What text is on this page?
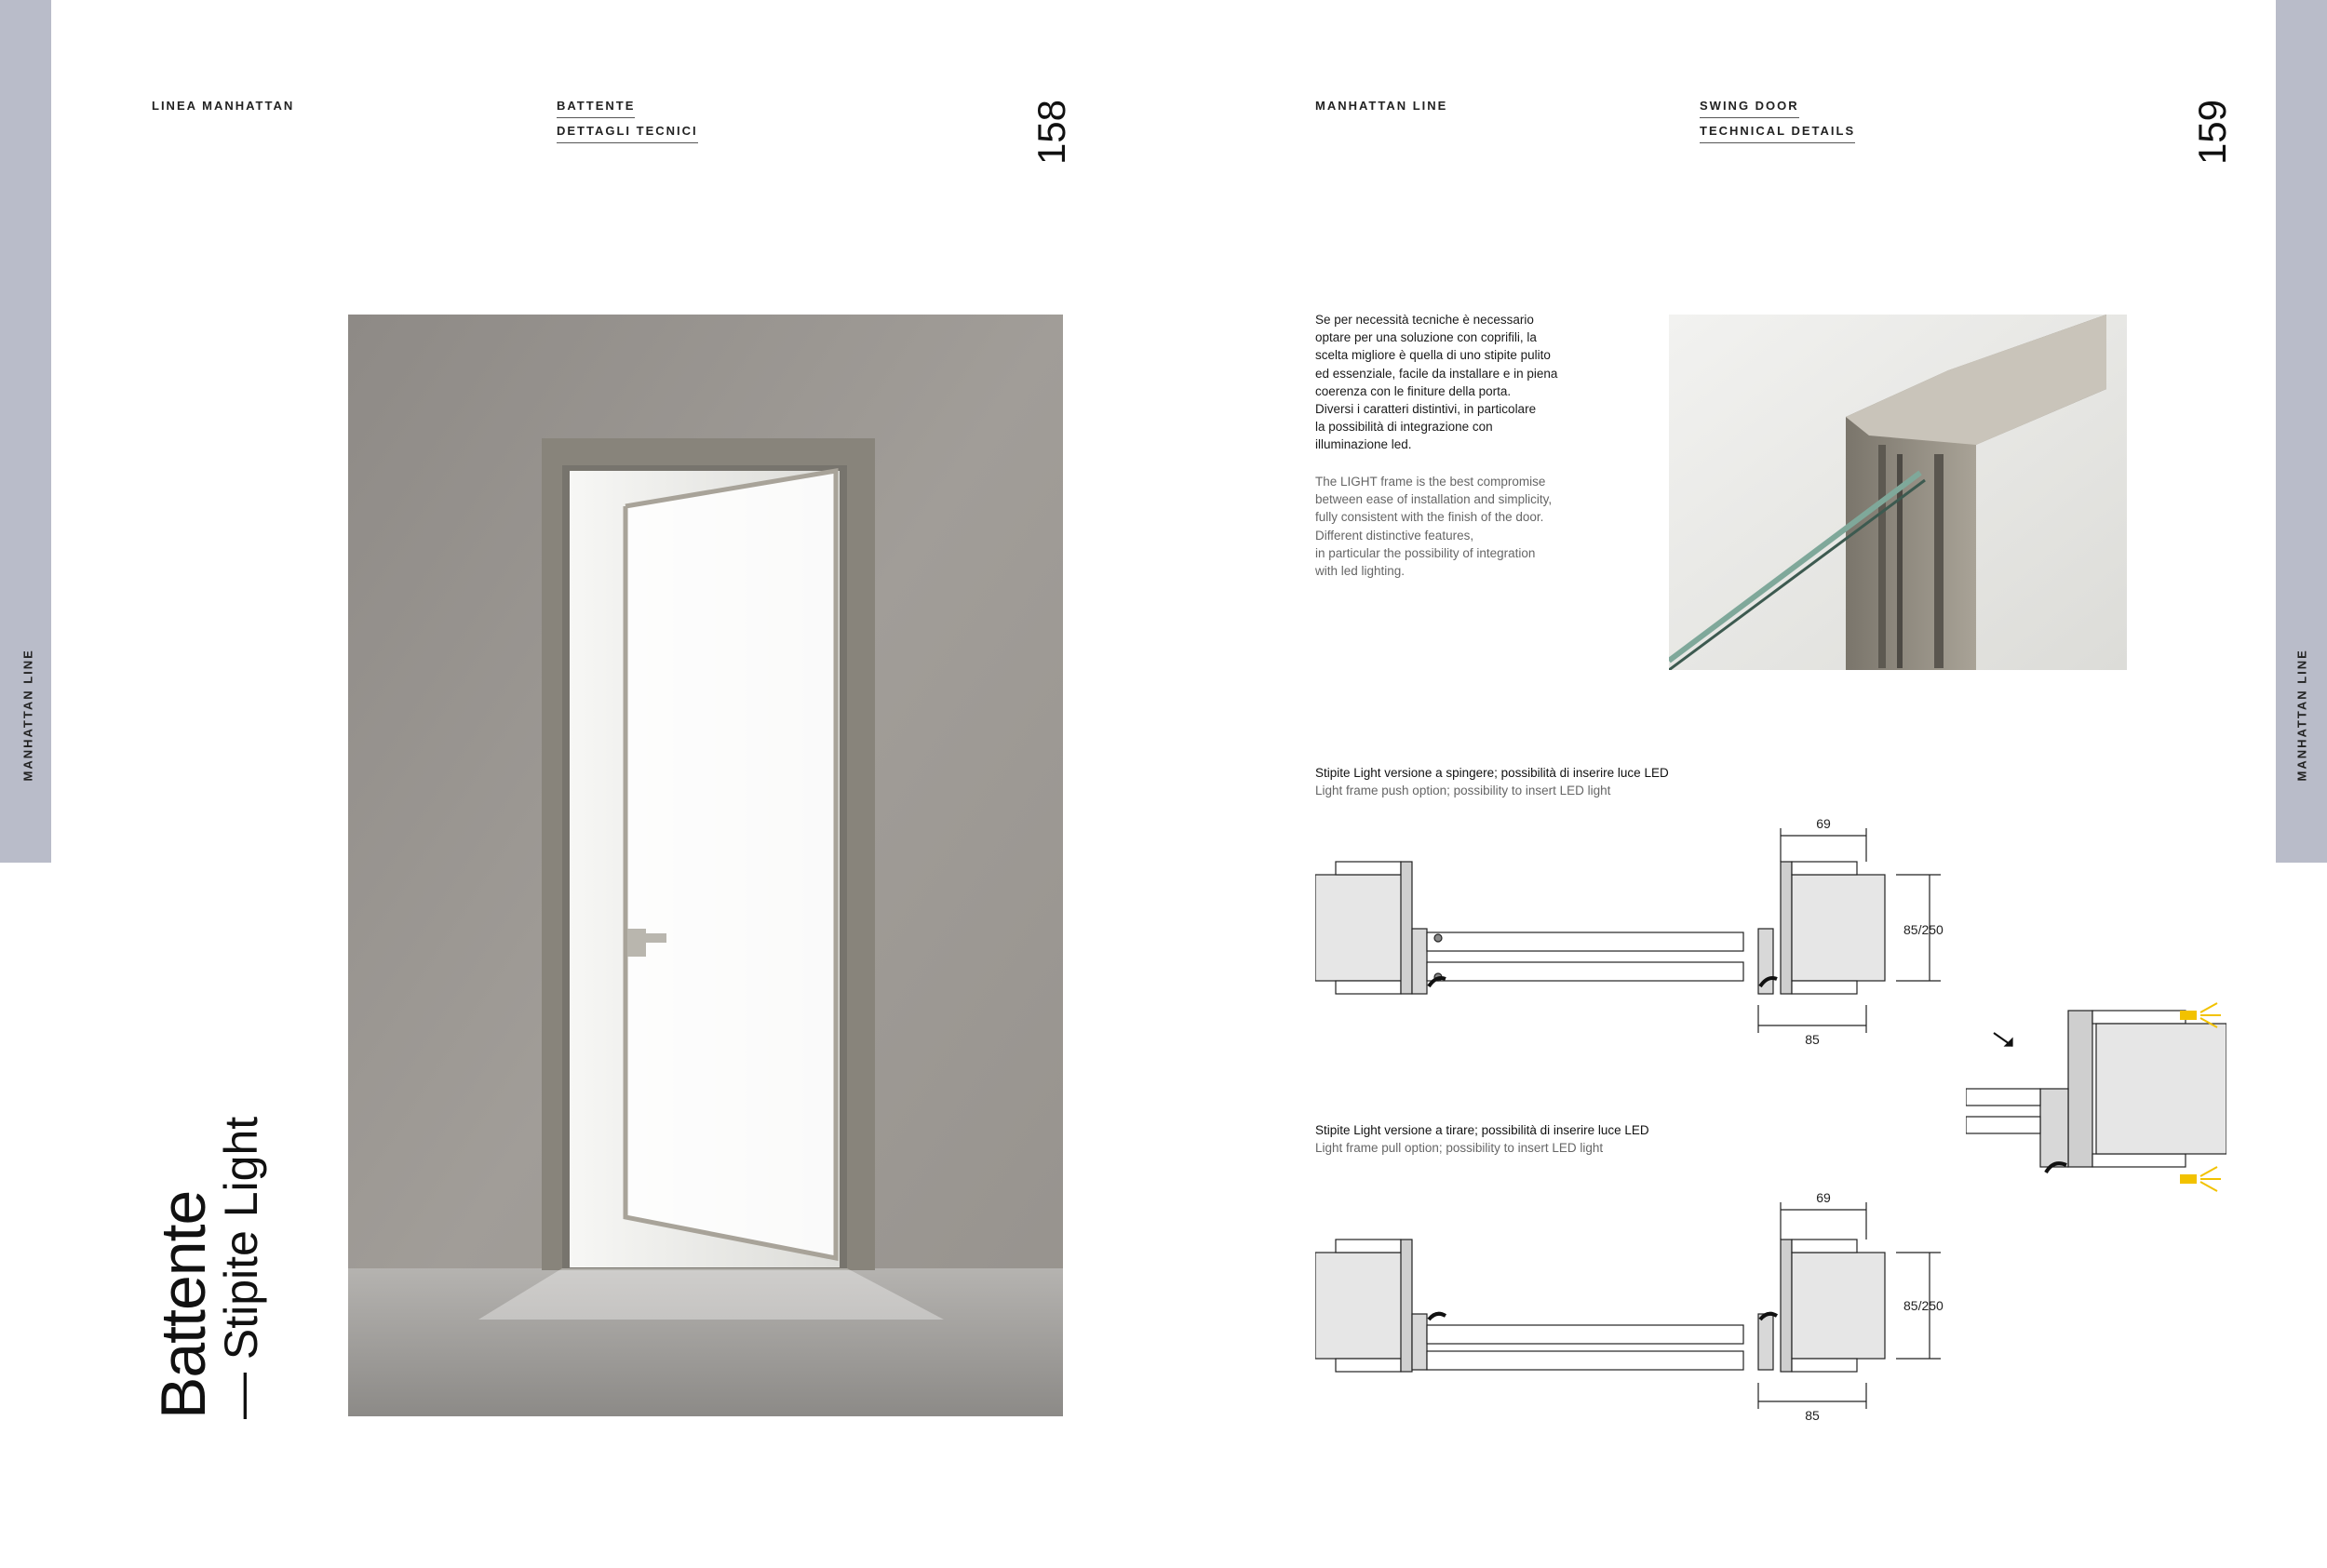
MANHATTAN LINE	MANHATTAN LINE
LINEA MANHATTAN	BATTENTE
DETTAGLI TECNICI	158	MANHATTAN LINE	SWING DOOR
TECHNICAL DETAILS	159
Battente
— Stipite Light
Se per necessità tecniche è necessario
optare per una soluzione con coprifili, la
scelta migliore è quella di uno stipite pulito
ed essenziale, facile da installare e in piena
coerenza con le finiture della porta.
Diversi i caratteri distintivi, in particolare
la possibilità di integrazione con
illuminazione led.
The LIGHT frame is the best compromise
between ease of installation and simplicity,
fully consistent with the finish of the door.
Different distinctive features,
in particular the possibility of integration
with led lighting.
Stipite Light versione a spingere; possibilità di inserire luce LED
Light frame push option; possibility to insert LED light
69
85/250
85
Stipite Light versione a tirare; possibilità di inserire luce LED
Light frame pull option; possibility to insert LED light
69
85/250
85
